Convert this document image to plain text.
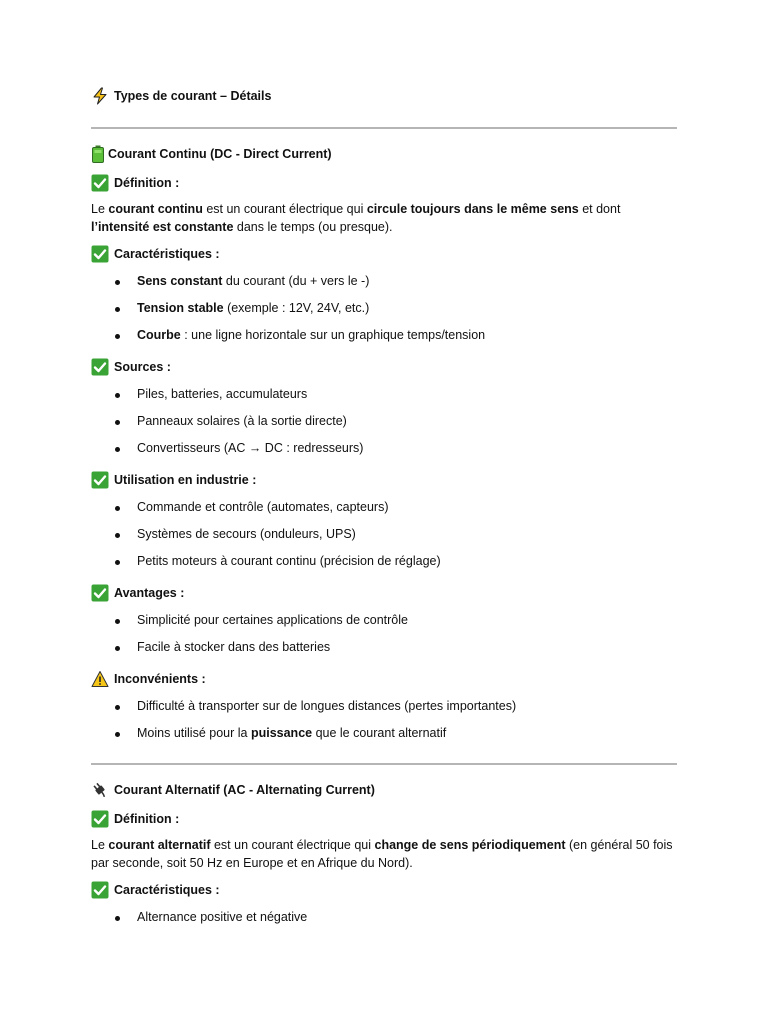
Types de courant – Détails
Courant Continu (DC - Direct Current)
Définition :
Le courant continu est un courant électrique qui circule toujours dans le même sens et dont l’intensité est constante dans le temps (ou presque).
Caractéristiques :
Sens constant du courant (du + vers le -)
Tension stable (exemple : 12V, 24V, etc.)
Courbe : une ligne horizontale sur un graphique temps/tension
Sources :
Piles, batteries, accumulateurs
Panneaux solaires (à la sortie directe)
Convertisseurs (AC → DC : redresseurs)
Utilisation en industrie :
Commande et contrôle (automates, capteurs)
Systèmes de secours (onduleurs, UPS)
Petits moteurs à courant continu (précision de réglage)
Avantages :
Simplicité pour certaines applications de contrôle
Facile à stocker dans des batteries
Inconvénients :
Difficulté à transporter sur de longues distances (pertes importantes)
Moins utilisé pour la puissance que le courant alternatif
Courant Alternatif (AC - Alternating Current)
Définition :
Le courant alternatif est un courant électrique qui change de sens périodiquement (en général 50 fois par seconde, soit 50 Hz en Europe et en Afrique du Nord).
Caractéristiques :
Alternance positive et négative
